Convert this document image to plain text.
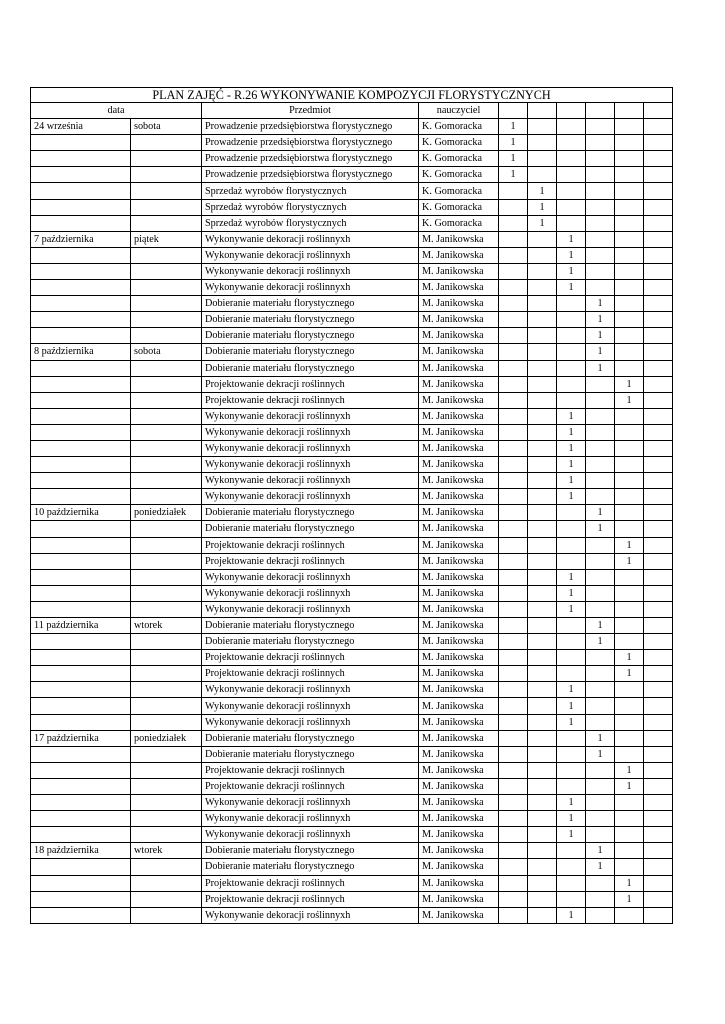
PLAN ZAJĘĆ - R.26 WYKONYWANIE KOMPOZYCJI FLORYSTYCZNYCH									
data		Przedmiot	nauczyciel						
24 września	sobota	Prowadzenie przedsiębiorstwa florystycznego	K. Gomoracka	1					
		Prowadzenie przedsiębiorstwa florystycznego	K. Gomoracka	1					
		Prowadzenie przedsiębiorstwa florystycznego	K. Gomoracka	1					
		Prowadzenie przedsiębiorstwa florystycznego	K. Gomoracka	1					
		Sprzedaż wyrobów florystycznych	K. Gomoracka		1				
		Sprzedaż wyrobów florystycznych	K. Gomoracka		1				
		Sprzedaż wyrobów florystycznych	K. Gomoracka		1				
7 października	piątek	Wykonywanie dekoracji roślinnyxh	M. Janikowska			1			
		Wykonywanie dekoracji roślinnyxh	M. Janikowska			1			
		Wykonywanie dekoracji roślinnyxh	M. Janikowska			1			
		Wykonywanie dekoracji roślinnyxh	M. Janikowska			1			
		Dobieranie materiału florystycznego	M. Janikowska				1		
		Dobieranie materiału florystycznego	M. Janikowska				1		
		Dobieranie materiału florystycznego	M. Janikowska				1		
8 października	sobota	Dobieranie materiału florystycznego	M. Janikowska				1		
		Dobieranie materiału florystycznego	M. Janikowska				1		
		Projektowanie dekracji roślinnych	M. Janikowska					1	
		Projektowanie dekracji roślinnych	M. Janikowska					1	
		Wykonywanie dekoracji roślinnyxh	M. Janikowska			1			
		Wykonywanie dekoracji roślinnyxh	M. Janikowska			1			
		Wykonywanie dekoracji roślinnyxh	M. Janikowska			1			
		Wykonywanie dekoracji roślinnyxh	M. Janikowska			1			
		Wykonywanie dekoracji roślinnyxh	M. Janikowska			1			
		Wykonywanie dekoracji roślinnyxh	M. Janikowska			1			
10 października	poniedziałek	Dobieranie materiału florystycznego	M. Janikowska				1		
		Dobieranie materiału florystycznego	M. Janikowska				1		
		Projektowanie dekracji roślinnych	M. Janikowska					1	
		Projektowanie dekracji roślinnych	M. Janikowska					1	
		Wykonywanie dekoracji roślinnyxh	M. Janikowska			1			
		Wykonywanie dekoracji roślinnyxh	M. Janikowska			1			
		Wykonywanie dekoracji roślinnyxh	M. Janikowska			1			
11 października	wtorek	Dobieranie materiału florystycznego	M. Janikowska				1		
		Dobieranie materiału florystycznego	M. Janikowska				1		
		Projektowanie dekracji roślinnych	M. Janikowska					1	
		Projektowanie dekracji roślinnych	M. Janikowska					1	
		Wykonywanie dekoracji roślinnyxh	M. Janikowska			1			
		Wykonywanie dekoracji roślinnyxh	M. Janikowska			1			
		Wykonywanie dekoracji roślinnyxh	M. Janikowska			1			
17 października	poniedziałek	Dobieranie materiału florystycznego	M. Janikowska				1		
		Dobieranie materiału florystycznego	M. Janikowska				1		
		Projektowanie dekracji roślinnych	M. Janikowska					1	
		Projektowanie dekracji roślinnych	M. Janikowska					1	
		Wykonywanie dekoracji roślinnyxh	M. Janikowska			1			
		Wykonywanie dekoracji roślinnyxh	M. Janikowska			1			
		Wykonywanie dekoracji roślinnyxh	M. Janikowska			1			
18 października	wtorek	Dobieranie materiału florystycznego	M. Janikowska				1		
		Dobieranie materiału florystycznego	M. Janikowska				1		
		Projektowanie dekracji roślinnych	M. Janikowska					1	
		Projektowanie dekracji roślinnych	M. Janikowska					1	
		Wykonywanie dekoracji roślinnyxh	M. Janikowska			1			
